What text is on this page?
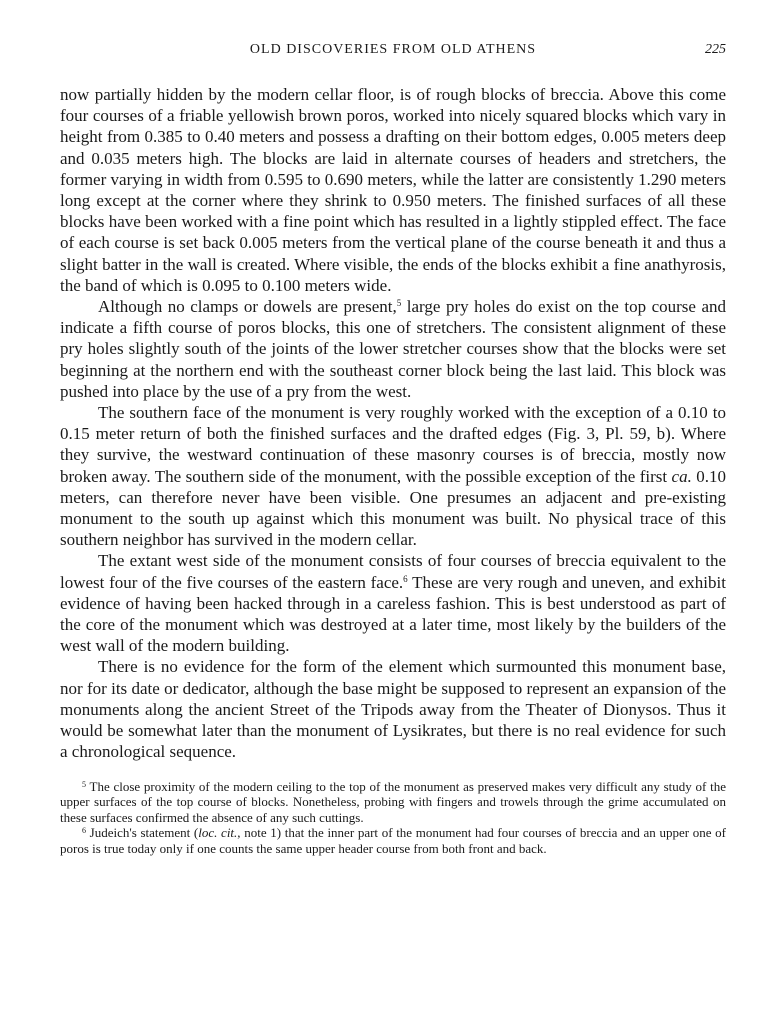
OLD DISCOVERIES FROM OLD ATHENS	225

now partially hidden by the modern cellar floor, is of rough blocks of breccia. Above this come four courses of a friable yellowish brown poros, worked into nicely squared blocks which vary in height from 0.385 to 0.40 meters and possess a drafting on their bottom edges, 0.005 meters deep and 0.035 meters high. The blocks are laid in alternate courses of headers and stretchers, the former varying in width from 0.595 to 0.690 meters, while the latter are consistently 1.290 meters long except at the corner where they shrink to 0.950 meters. The finished surfaces of all these blocks have been worked with a fine point which has resulted in a lightly stippled effect. The face of each course is set back 0.005 meters from the vertical plane of the course beneath it and thus a slight batter in the wall is created. Where visible, the ends of the blocks exhibit a fine anathyrosis, the band of which is 0.095 to 0.100 meters wide.

Although no clamps or dowels are present,$^5$ large pry holes do exist on the top course and indicate a fifth course of poros blocks, this one of stretchers. The consistent alignment of these pry holes slightly south of the joints of the lower stretcher courses show that the blocks were set beginning at the northern end with the southeast corner block being the last laid. This block was pushed into place by the use of a pry from the west.

The southern face of the monument is very roughly worked with the exception of a 0.10 to 0.15 meter return of both the finished surfaces and the drafted edges (Fig. 3, Pl. 59, b). Where they survive, the westward continuation of these masonry courses is of breccia, mostly now broken away. The southern side of the monument, with the possible exception of the first ca. 0.10 meters, can therefore never have been visible. One presumes an adjacent and pre-existing monument to the south up against which this monument was built. No physical trace of this southern neighbor has survived in the modern cellar.

The extant west side of the monument consists of four courses of breccia equivalent to the lowest four of the five courses of the eastern face.$^6$ These are very rough and uneven, and exhibit evidence of having been hacked through in a careless fashion. This is best understood as part of the core of the monument which was destroyed at a later time, most likely by the builders of the west wall of the modern building.

There is no evidence for the form of the element which surmounted this monument base, nor for its date or dedicator, although the base might be supposed to represent an expansion of the monuments along the ancient Street of the Tripods away from the Theater of Dionysos. Thus it would be somewhat later than the monument of Lysikrates, but there is no real evidence for such a chronological sequence.

$^5$ The close proximity of the modern ceiling to the top of the monument as preserved makes very difficult any study of the upper surfaces of the top course of blocks. Nonetheless, probing with fingers and trowels through the grime accumulated on these surfaces confirmed the absence of any such cuttings.

$^6$ Judeich's statement (loc. cit., note 1) that the inner part of the monument had four courses of breccia and an upper one of poros is true today only if one counts the same upper header course from both front and back.
